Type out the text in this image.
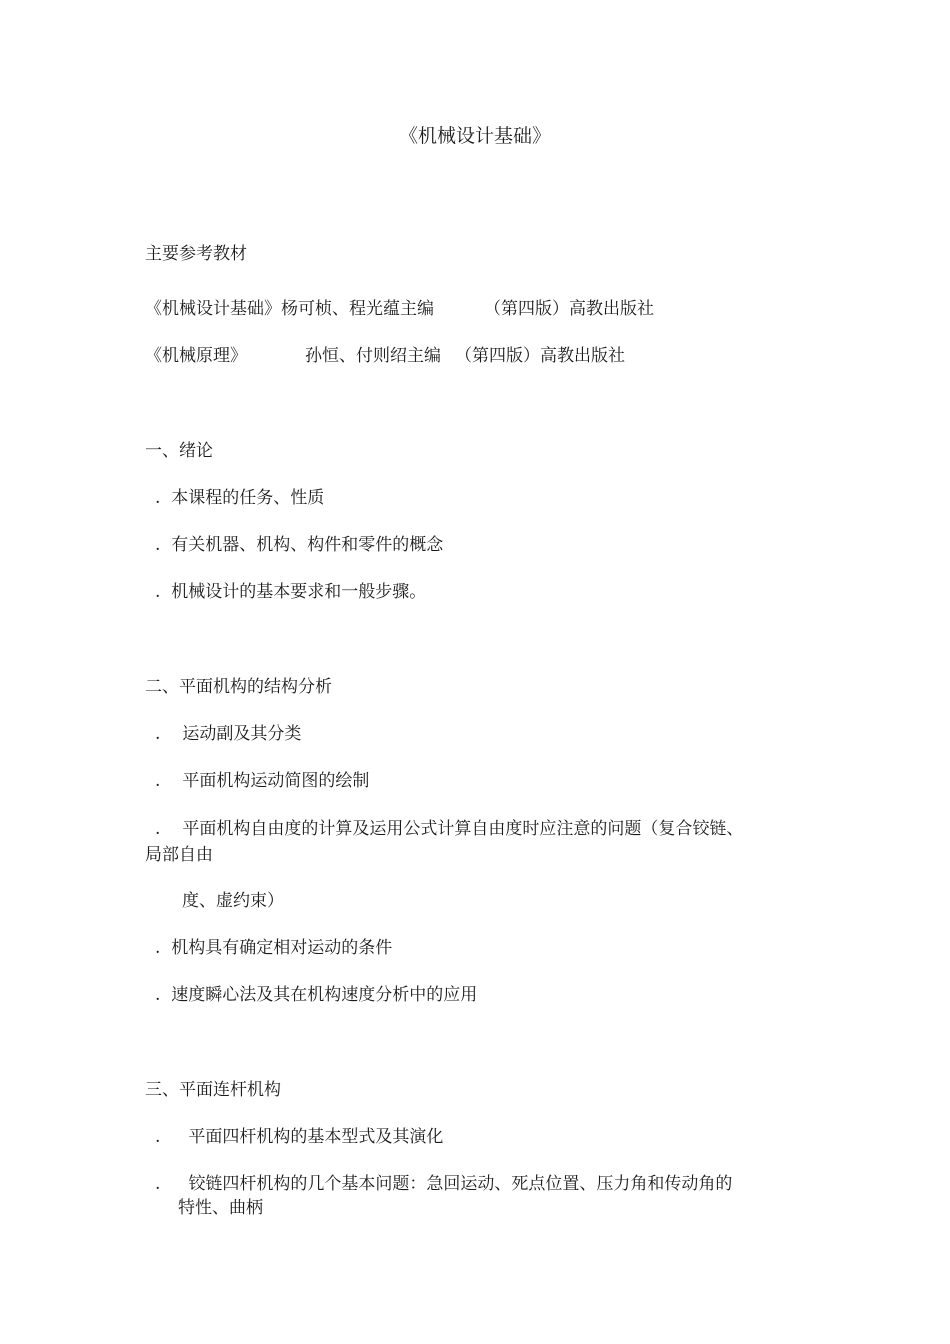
《机械设计基础》
主要参考教材
《机械设计基础》杨可桢、程光蕴主编	（第四版）高教出版社
《机械原理》	孙恒、付则绍主编 （第四版）高教出版社
一、绪论
. 本课程的任务、性质
. 有关机器、机构、构件和零件的概念
. 机械设计的基本要求和一般步骤。
二、平面机构的结构分析
. 运动副及其分类
. 平面机构运动简图的绘制
. 平面机构自由度的计算及运用公式计算自由度时应注意的问题（复合铰链、
局部自由
度、虚约束）
. 机构具有确定相对运动的条件
. 速度瞬心法及其在机构速度分析中的应用
三、平面连杆机构
. 平面四杆机构的基本型式及其演化
. 铰链四杆机构的几个基本问题：急回运动、死点位置、压力角和传动角的
特性、曲柄
